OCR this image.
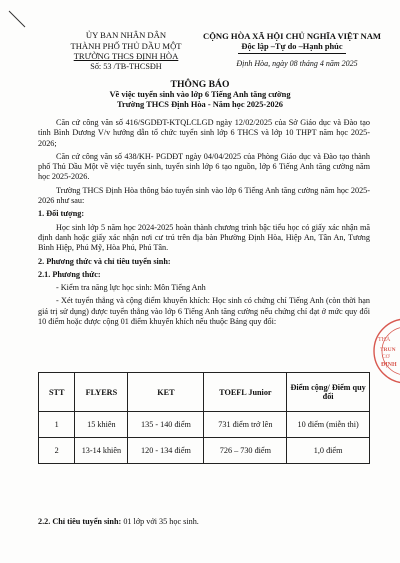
ỦY BAN NHÂN DÂN
THÀNH PHỐ THỦ DẦU MỘT
TRƯỜNG THCS ĐỊNH HÒA
Số: 53 /TB-THCSĐH
CỘNG HÒA XÃ HỘI CHỦ NGHĨA VIỆT NAM
Độc lập –Tự do –Hạnh phúc
Định Hòa, ngày 08 tháng 4 năm 2025
THÔNG BÁO
Về việc tuyển sinh vào lớp 6 Tiếng Anh tăng cường
Trường THCS Định Hòa - Năm học 2025-2026

Căn cứ công văn số 416/SGDĐT-KTQLCLGD ngày 12/02/2025 của Sở Giáo dục và Đào tạo tỉnh Bình Dương V/v hướng dẫn tổ chức tuyển sinh lớp 6 THCS và lớp 10 THPT năm học 2025-2026;

Căn cứ công văn số 438/KH- PGDĐT ngày 04/04/2025 của Phòng Giáo dục và Đào tạo thành phố Thủ Dầu Một về việc tuyển sinh, tuyển sinh lớp 6 tạo nguồn, lớp 6 Tiếng Anh tăng cường năm học 2025-2026.

Trường THCS Định Hòa thông báo tuyển sinh vào lớp 6 Tiếng Anh tăng cường năm học 2025-2026 như sau:

1. Đối tượng:

Học sinh lớp 5 năm học 2024-2025 hoàn thành chương trình bậc tiểu học có giấy xác nhận mã định danh hoặc giấy xác nhận nơi cư trú trên địa bàn Phường Định Hòa, Hiệp An, Tân An, Tương Bình Hiệp, Phú Mỹ, Hòa Phú, Phú Tân.

2. Phương thức và chỉ tiêu tuyển sinh:

2.1. Phương thức:

- Kiểm tra năng lực học sinh: Môn Tiếng Anh

- Xét tuyển thẳng và cộng điểm khuyến khích: Học sinh có chứng chỉ Tiếng Anh (còn thời hạn giá trị sử dụng) được tuyển thẳng vào lớp 6 Tiếng Anh tăng cường nếu chứng chỉ đạt ở mức quy đổi 10 điểm hoặc được cộng 01 điểm khuyến khích nếu thuộc Bảng quy đổi:

STT	FLYERS	KET	TOEFL Junior	Điểm cộng/ Điểm quy đổi
1	15 khiên	135 - 140 điểm	731 điểm trở lên	10 điểm (miễn thi)
2	13-14 khiên	120 - 134 điểm	726 – 730 điểm	1,0 điểm
2.2. Chỉ tiêu tuyển sinh: 01 lớp với 35 học sinh.
THÀ
TRUN
CƠ
ĐỊNH
